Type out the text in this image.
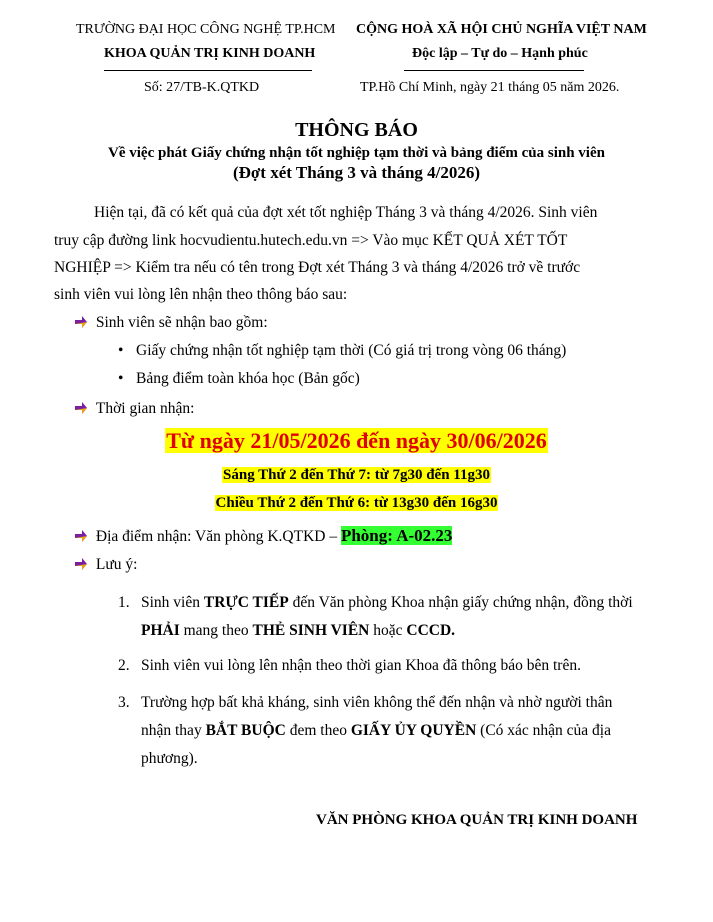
TRƯỜNG ĐẠI HỌC CÔNG NGHỆ TP.HCM
KHOA QUẢN TRỊ KINH DOANH
CỘNG HOÀ XÃ HỘI CHỦ NGHĨA VIỆT NAM
Độc lập – Tự do – Hạnh phúc
Số: 27/TB-K.QTKD	TP.Hồ Chí Minh, ngày 21 tháng 05 năm 2026.
THÔNG BÁO
Về việc phát Giấy chứng nhận tốt nghiệp tạm thời và bảng điểm của sinh viên
(Đợt xét Tháng 3 và tháng 4/2026)
Hiện tại, đã có kết quả của đợt xét tốt nghiệp Tháng 3 và tháng 4/2026. Sinh viên
truy cập đường link hocvudientu.hutech.edu.vn => Vào mục KẾT QUẢ XÉT TỐT
NGHIỆP => Kiểm tra nếu có tên trong Đợt xét Tháng 3 và tháng 4/2026 trở về trước
sinh viên vui lòng lên nhận theo thông báo sau:
Sinh viên sẽ nhận bao gồm:
• Giấy chứng nhận tốt nghiệp tạm thời (Có giá trị trong vòng 06 tháng)
• Bảng điểm toàn khóa học (Bản gốc)
Thời gian nhận:
Từ ngày 21/05/2026 đến ngày 30/06/2026
Sáng Thứ 2 đến Thứ 7: từ 7g30 đến 11g30
Chiều Thứ 2 đến Thứ 6: từ 13g30 đến 16g30
Địa điểm nhận: Văn phòng K.QTKD – Phòng: A-02.23
Lưu ý:
1. Sinh viên TRỰC TIẾP đến Văn phòng Khoa nhận giấy chứng nhận, đồng thời
PHẢI mang theo THẺ SINH VIÊN hoặc CCCD.
2. Sinh viên vui lòng lên nhận theo thời gian Khoa đã thông báo bên trên.
3. Trường hợp bất khả kháng, sinh viên không thể đến nhận và nhờ người thân
nhận thay BẮT BUỘC đem theo GIẤY ỦY QUYỀN (Có xác nhận của địa
phương).
VĂN PHÒNG KHOA QUẢN TRỊ KINH DOANH
